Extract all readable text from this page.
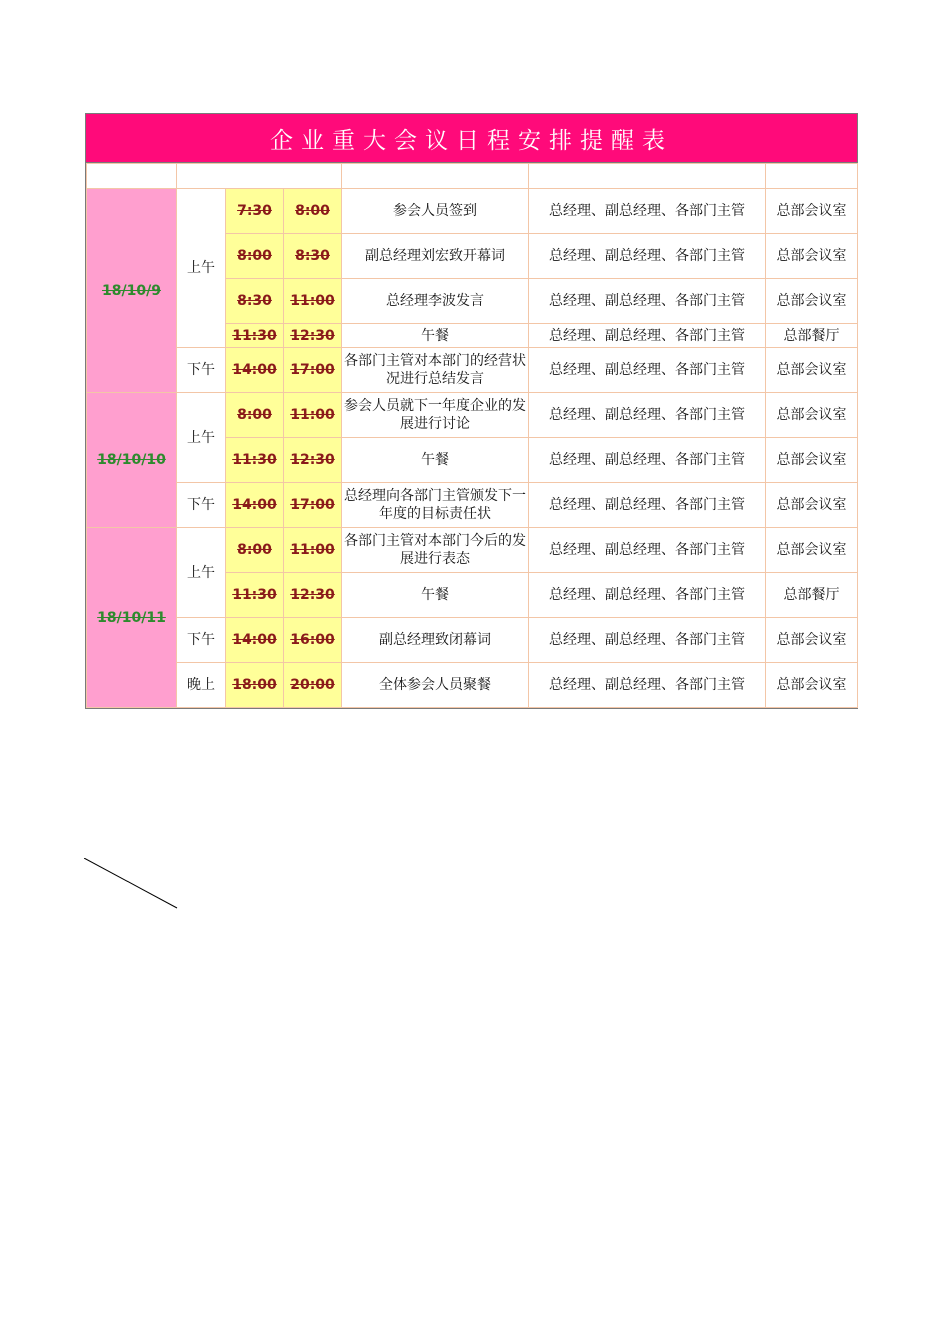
企业重大会议日程安排提醒表

18/10/9	上午	7:30	8:00	参会人员签到	总经理、副总经理、各部门主管	总部会议室
		8:00	8:30	副总经理刘宏致开幕词	总经理、副总经理、各部门主管	总部会议室
		8:30	11:00	总经理李波发言	总经理、副总经理、各部门主管	总部会议室
		11:30	12:30	午餐	总经理、副总经理、各部门主管	总部餐厅
	下午	14:00	17:00	各部门主管对本部门的经营状况进行总结发言	总经理、副总经理、各部门主管	总部会议室
18/10/10	上午	8:00	11:00	参会人员就下一年度企业的发展进行讨论	总经理、副总经理、各部门主管	总部会议室
		11:30	12:30	午餐	总经理、副总经理、各部门主管	总部会议室
	下午	14:00	17:00	总经理向各部门主管颁发下一年度的目标责任状	总经理、副总经理、各部门主管	总部会议室
18/10/11	上午	8:00	11:00	各部门主管对本部门今后的发展进行表态	总经理、副总经理、各部门主管	总部会议室
		11:30	12:30	午餐	总经理、副总经理、各部门主管	总部餐厅
	下午	14:00	16:00	副总经理致闭幕词	总经理、副总经理、各部门主管	总部会议室
	晚上	18:00	20:00	全体参会人员聚餐	总经理、副总经理、各部门主管	总部会议室
